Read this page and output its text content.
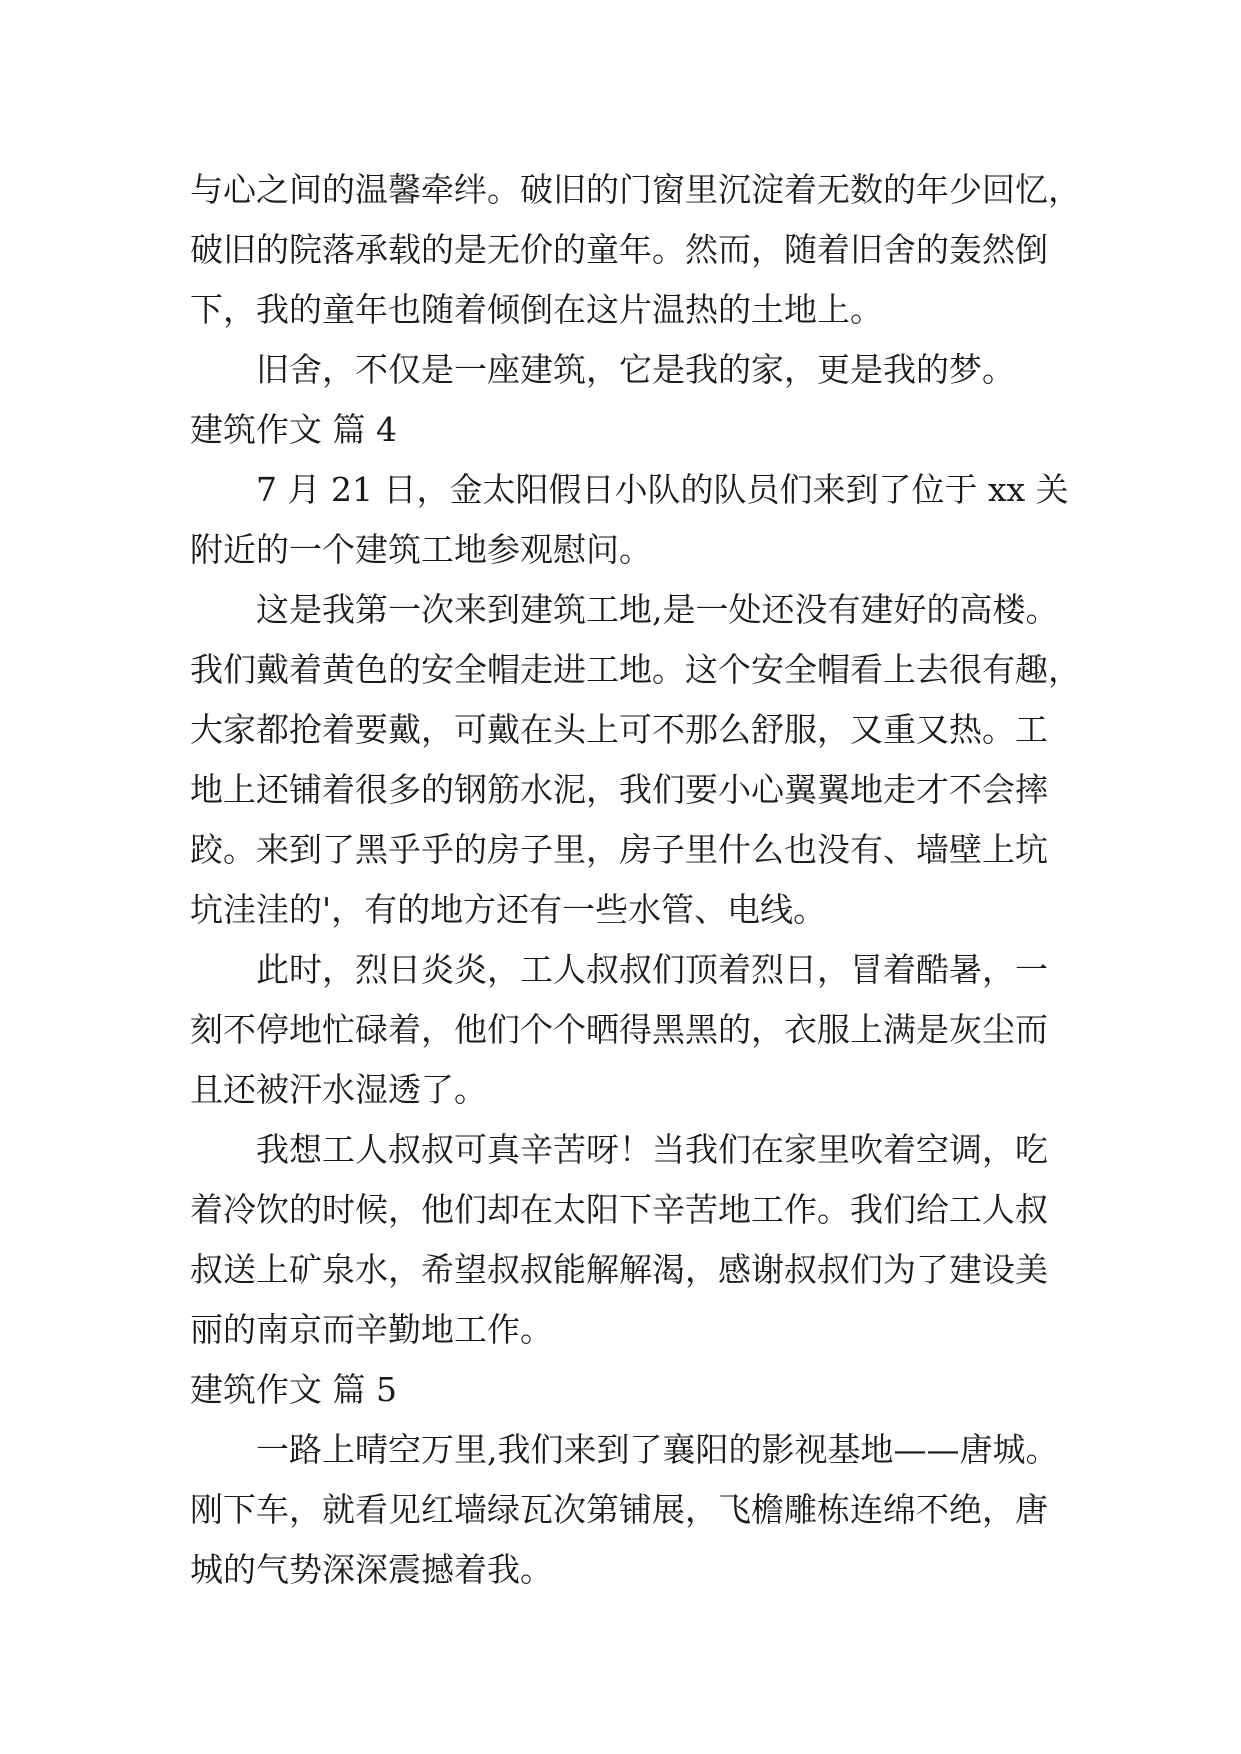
与心之间的温馨牵绊。破旧的门窗里沉淀着无数的年少回忆，
破旧的院落承载的是无价的童年。然而，随着旧舍的轰然倒
下，我的童年也随着倾倒在这片温热的土地上。
旧舍，不仅是一座建筑，它是我的家，更是我的梦。
建筑作文 篇 4
7 月 21 日，金太阳假日小队的队员们来到了位于 xx 关
附近的一个建筑工地参观慰问。
这是我第一次来到建筑工地,是一处还没有建好的高楼。
我们戴着黄色的安全帽走进工地。这个安全帽看上去很有趣，
大家都抢着要戴，可戴在头上可不那么舒服，又重又热。工
地上还铺着很多的钢筋水泥，我们要小心翼翼地走才不会摔
跤。来到了黑乎乎的房子里，房子里什么也没有、墙壁上坑
坑洼洼的'，有的地方还有一些水管、电线。
此时，烈日炎炎，工人叔叔们顶着烈日，冒着酷暑，一
刻不停地忙碌着，他们个个晒得黑黑的，衣服上满是灰尘而
且还被汗水湿透了。
我想工人叔叔可真辛苦呀！当我们在家里吹着空调，吃
着冷饮的时候，他们却在太阳下辛苦地工作。我们给工人叔
叔送上矿泉水，希望叔叔能解解渴，感谢叔叔们为了建设美
丽的南京而辛勤地工作。
建筑作文 篇 5
一路上晴空万里,我们来到了襄阳的影视基地——唐城。
刚下车，就看见红墙绿瓦次第铺展，飞檐雕栋连绵不绝，唐
城的气势深深震撼着我。
